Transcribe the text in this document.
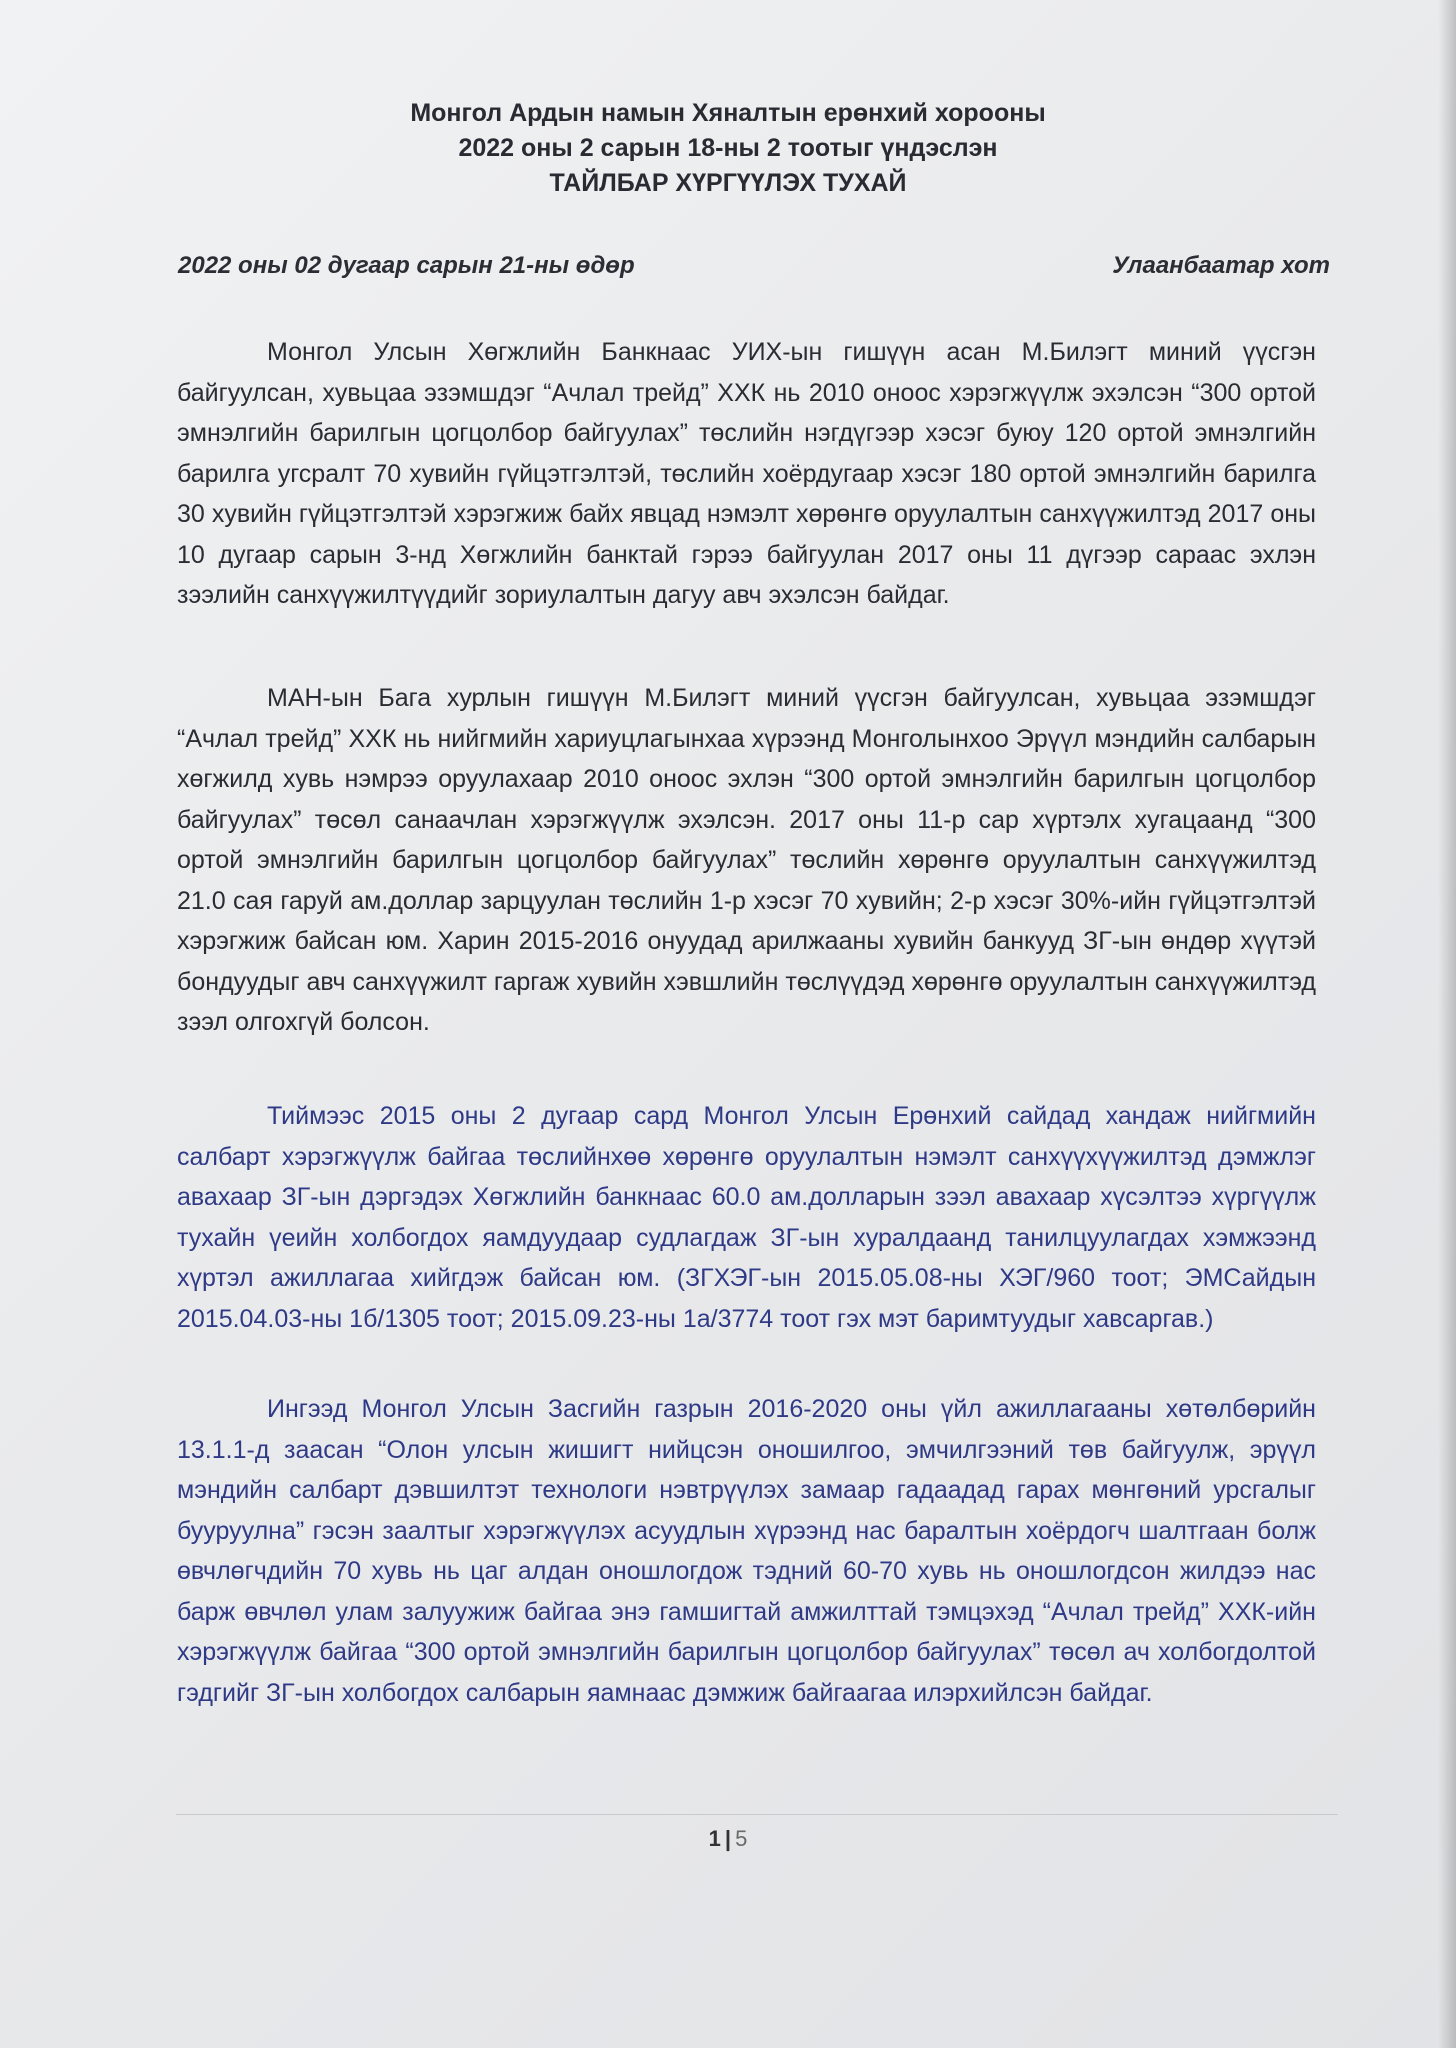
Монгол Ардын намын Хяналтын ерөнхий хорооны
2022 оны 2 сарын 18-ны 2 тоотыг үндэслэн
ТАЙЛБАР ХҮРГҮҮЛЭХ ТУХАЙ
2022 оны 02 дугаар сарын 21-ны өдөр	Улаанбаатар хот

Монгол Улсын Хөгжлийн Банкнаас УИХ-ын гишүүн асан М.Билэгт миний үүсгэн байгуулсан, хувьцаа эзэмшдэг “Ачлал трейд” ХХК нь 2010 оноос хэрэгжүүлж эхэлсэн “300 ортой эмнэлгийн барилгын цогцолбор байгуулах” төслийн нэгдүгээр хэсэг буюу 120 ортой эмнэлгийн барилга угсралт 70 хувийн гүйцэтгэлтэй, төслийн хоёрдугаар хэсэг 180 ортой эмнэлгийн барилга 30 хувийн гүйцэтгэлтэй хэрэгжиж байх явцад нэмэлт хөрөнгө оруулалтын санхүүжилтэд 2017 оны 10 дугаар сарын 3-нд Хөгжлийн банктай гэрээ байгуулан 2017 оны 11 дүгээр сараас эхлэн зээлийн санхүүжилтүүдийг зориулалтын дагуу авч эхэлсэн байдаг.

МАН-ын Бага хурлын гишүүн М.Билэгт миний үүсгэн байгуулсан, хувьцаа эзэмшдэг “Ачлал трейд” ХХК нь нийгмийн хариуцлагынхаа хүрээнд Монголынхоо Эрүүл мэндийн салбарын хөгжилд хувь нэмрээ оруулахаар 2010 оноос эхлэн “300 ортой эмнэлгийн барилгын цогцолбор байгуулах” төсөл санаачлан хэрэгжүүлж эхэлсэн. 2017 оны 11-р сар хүртэлх хугацаанд “300 ортой эмнэлгийн барилгын цогцолбор байгуулах” төслийн хөрөнгө оруулалтын санхүүжилтэд 21.0 сая гаруй ам.доллар зарцуулан төслийн 1-р хэсэг 70 хувийн; 2-р хэсэг 30%-ийн гүйцэтгэлтэй хэрэгжиж байсан юм. Харин 2015-2016 онуудад арилжааны хувийн банкууд ЗГ-ын өндөр хүүтэй бондуудыг авч санхүүжилт гаргаж хувийн хэвшлийн төслүүдэд хөрөнгө оруулалтын санхүүжилтэд зээл олгохгүй болсон.

Тиймээс 2015 оны 2 дугаар сард Монгол Улсын Ерөнхий сайдад хандаж нийгмийн салбарт хэрэгжүүлж байгаа төслийнхөө хөрөнгө оруулалтын нэмэлт санхүүхүүжилтэд дэмжлэг авахаар ЗГ-ын дэргэдэх Хөгжлийн банкнаас 60.0 ам.долларын зээл авахаар хүсэлтээ хүргүүлж тухайн үеийн холбогдох яамдуудаар судлагдаж ЗГ-ын хуралдаанд танилцуулагдах хэмжээнд хүртэл ажиллагаа хийгдэж байсан юм. (ЗГХЭГ-ын 2015.05.08-ны ХЭГ/960 тоот; ЭМСайдын 2015.04.03-ны 1б/1305 тоот; 2015.09.23-ны 1а/3774 тоот гэх мэт баримтуудыг хавсаргав.)

Ингээд Монгол Улсын Засгийн газрын 2016-2020 оны үйл ажиллагааны хөтөлбөрийн 13.1.1-д заасан “Олон улсын жишигт нийцсэн оношилгоо, эмчилгээний төв байгуулж, эрүүл мэндийн салбарт дэвшилтэт технологи нэвтрүүлэх замаар гадаадад гарах мөнгөний урсгалыг бууруулна” гэсэн заалтыг хэрэгжүүлэх асуудлын хүрээнд нас баралтын хоёрдогч шалтгаан болж өвчлөгчдийн 70 хувь нь цаг алдан оношлогдож тэдний 60-70 хувь нь оношлогдсон жилдээ нас барж өвчлөл улам залуужиж байгаа энэ гамшигтай амжилттай тэмцэхэд “Ачлал трейд” ХХК-ийн хэрэгжүүлж байгаа “300 ортой эмнэлгийн барилгын цогцолбор байгуулах” төсөл ач холбогдолтой гэдгийг ЗГ-ын холбогдох салбарын яамнаас дэмжиж байгаагаа илэрхийлсэн байдаг.

1 | 5
